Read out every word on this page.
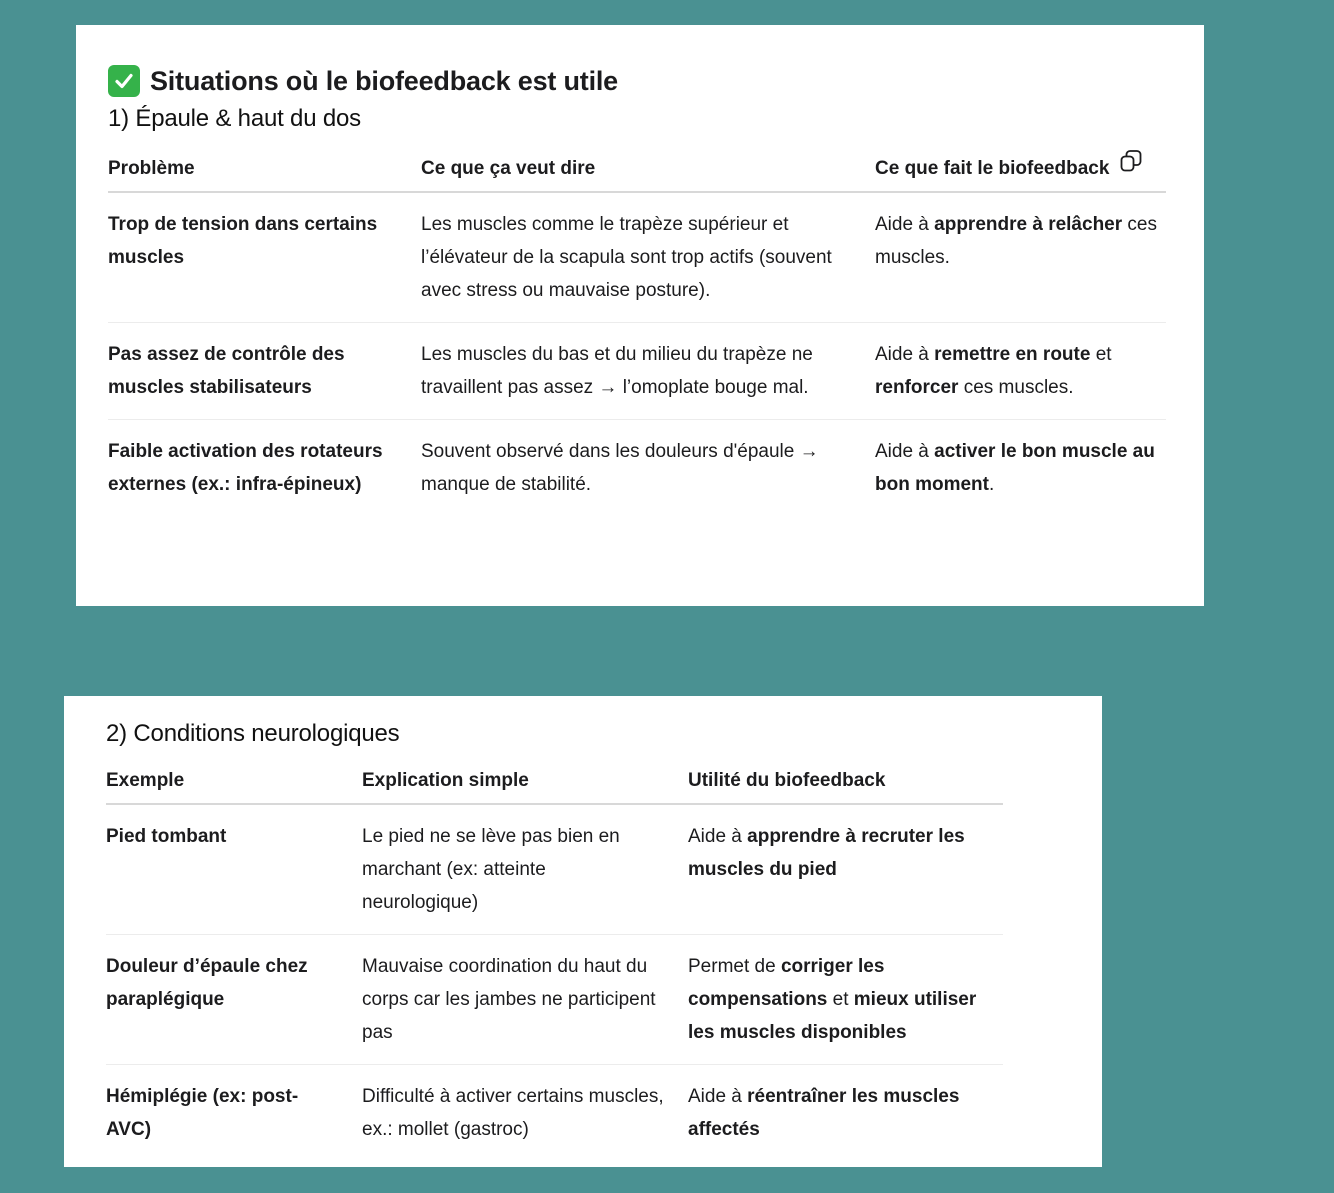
Situations où le biofeedback est utile
1) Épaule & haut du dos
Problème	Ce que ça veut dire	Ce que fait le biofeedback
Trop de tension dans certains muscles	Les muscles comme le trapèze supérieur et l’élévateur de la scapula sont trop actifs (souvent avec stress ou mauvaise posture).	Aide à apprendre à relâcher ces muscles.
Pas assez de contrôle des muscles stabilisateurs	Les muscles du bas et du milieu du trapèze ne travaillent pas assez → l’omoplate bouge mal.	Aide à remettre en route et renforcer ces muscles.
Faible activation des rotateurs externes (ex.: infra-épineux)	Souvent observé dans les douleurs d'épaule → manque de stabilité.	Aide à activer le bon muscle au bon moment.
2) Conditions neurologiques
Exemple	Explication simple	Utilité du biofeedback
Pied tombant	Le pied ne se lève pas bien en marchant (ex: atteinte neurologique)	Aide à apprendre à recruter les muscles du pied
Douleur d’épaule chez paraplégique	Mauvaise coordination du haut du corps car les jambes ne participent pas	Permet de corriger les compensations et mieux utiliser les muscles disponibles
Hémiplégie (ex: post-AVC)	Difficulté à activer certains muscles, ex.: mollet (gastroc)	Aide à réentraîner les muscles affectés
